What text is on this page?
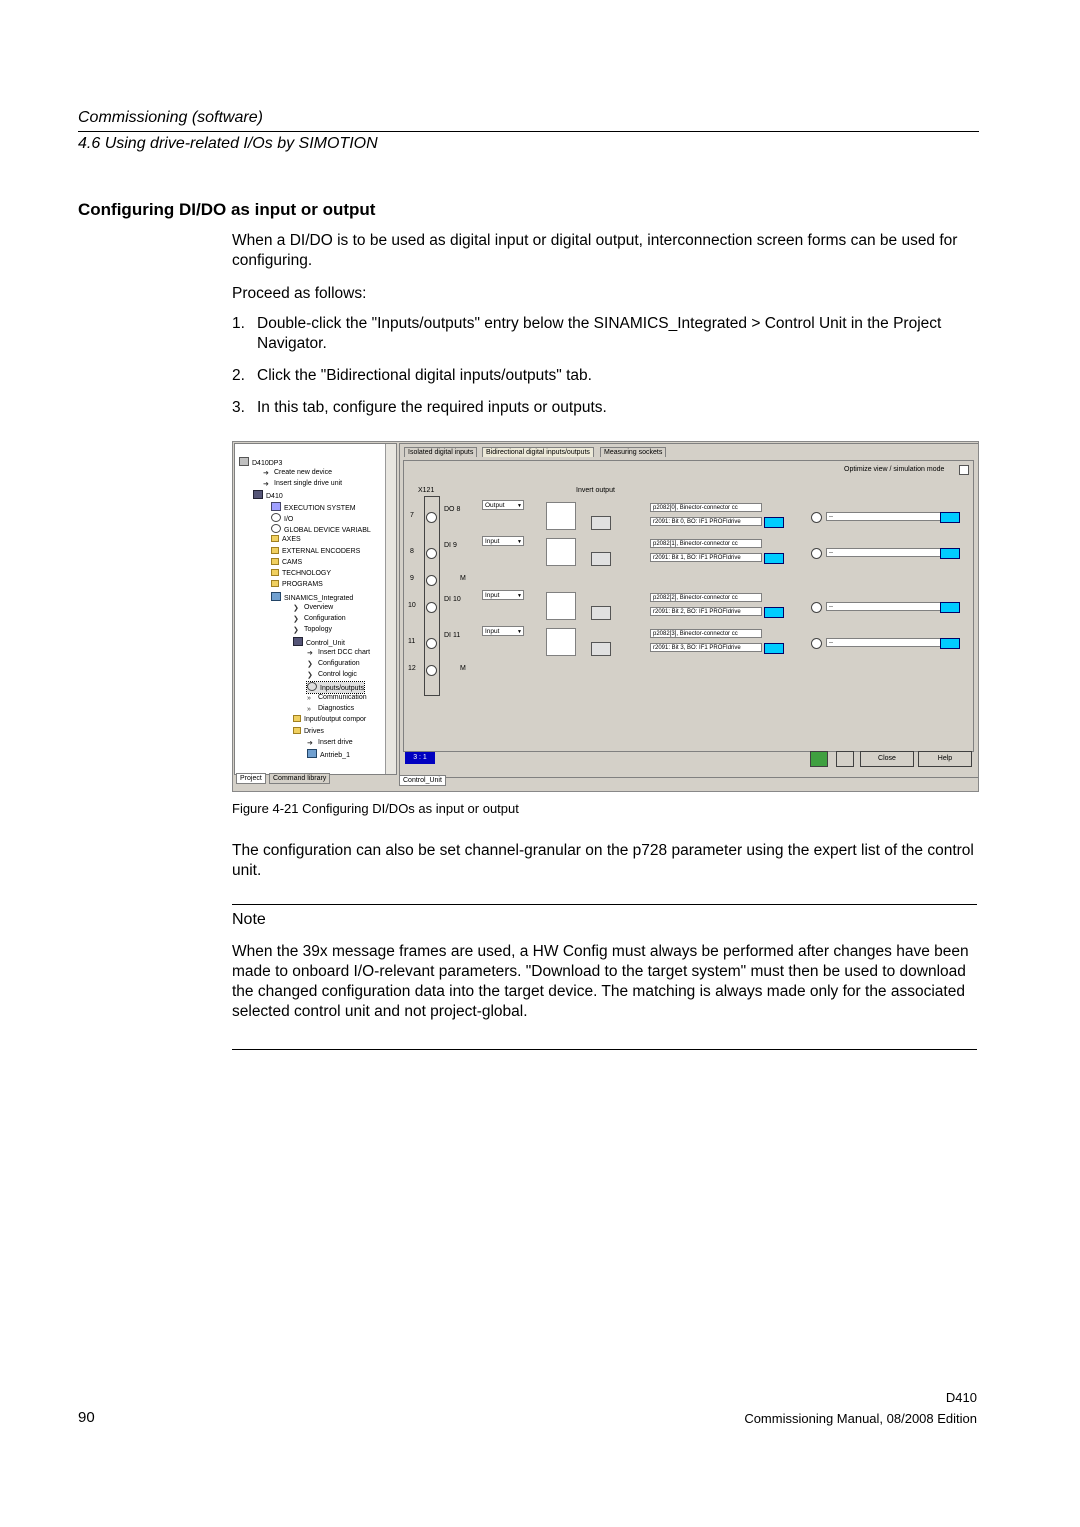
Commissioning (software)
4.6 Using drive-related I/Os by SIMOTION
Configuring DI/DO as input or output
When a DI/DO is to be used as digital input or digital output, interconnection screen forms can be used for configuring.
Proceed as follows:
1. Double-click the "Inputs/outputs" entry below the SINAMICS_Integrated > Control Unit in the Project Navigator.
2. Click the "Bidirectional digital inputs/outputs" tab.
3. In this tab, configure the required inputs or outputs.
D410DP3
➜ Create new device
➜ Insert single drive unit
D410
EXECUTION SYSTEM
I/O
GLOBAL DEVICE VARIABL
AXES
EXTERNAL ENCODERS
CAMS
TECHNOLOGY
PROGRAMS
SINAMICS_Integrated
❯ Overview
❯ Configuration
❯ Topology
Control_Unit
➜ Insert DCC chart
❯ Configuration
❯ Control logic
Inputs/outputs
» Communication
» Diagnostics
Input/output compor
Drives
➜ Insert drive
Antrieb_1
Project	Command library
Isolated digital inputs	Bidirectional digital inputs/outputs	Measuring sockets
Optimize view / simulation mode
X121	Invert output
7
8
9
10
11
12
M
M
DO 8
Output ▼	p2082[0], Binector-connector cc
r2091: Bit 0, BO: IF1 PROFIdrive
--
DI 9
Input ▼	p2082[1], Binector-connector cc
r2091: Bit 1, BO: IF1 PROFIdrive
--
DI 10
Input ▼	p2082[2], Binector-connector cc
r2091: Bit 2, BO: IF1 PROFIdrive
--
DI 11
Input ▼	p2082[3], Binector-connector cc
r2091: Bit 3, BO: IF1 PROFIdrive
--
3 : 1	Close	Help
Control_Unit
Figure 4-21 Configuring DI/DOs as input or output
The configuration can also be set channel-granular on the p728 parameter using the expert list of the control unit.
Note
When the 39x message frames are used, a HW Config must always be performed after changes have been made to onboard I/O-relevant parameters. "Download to the target system" must then be used to download the changed configuration data into the target device. The matching is always made only for the associated selected control unit and not project-global.
90
D410
Commissioning Manual, 08/2008 Edition
